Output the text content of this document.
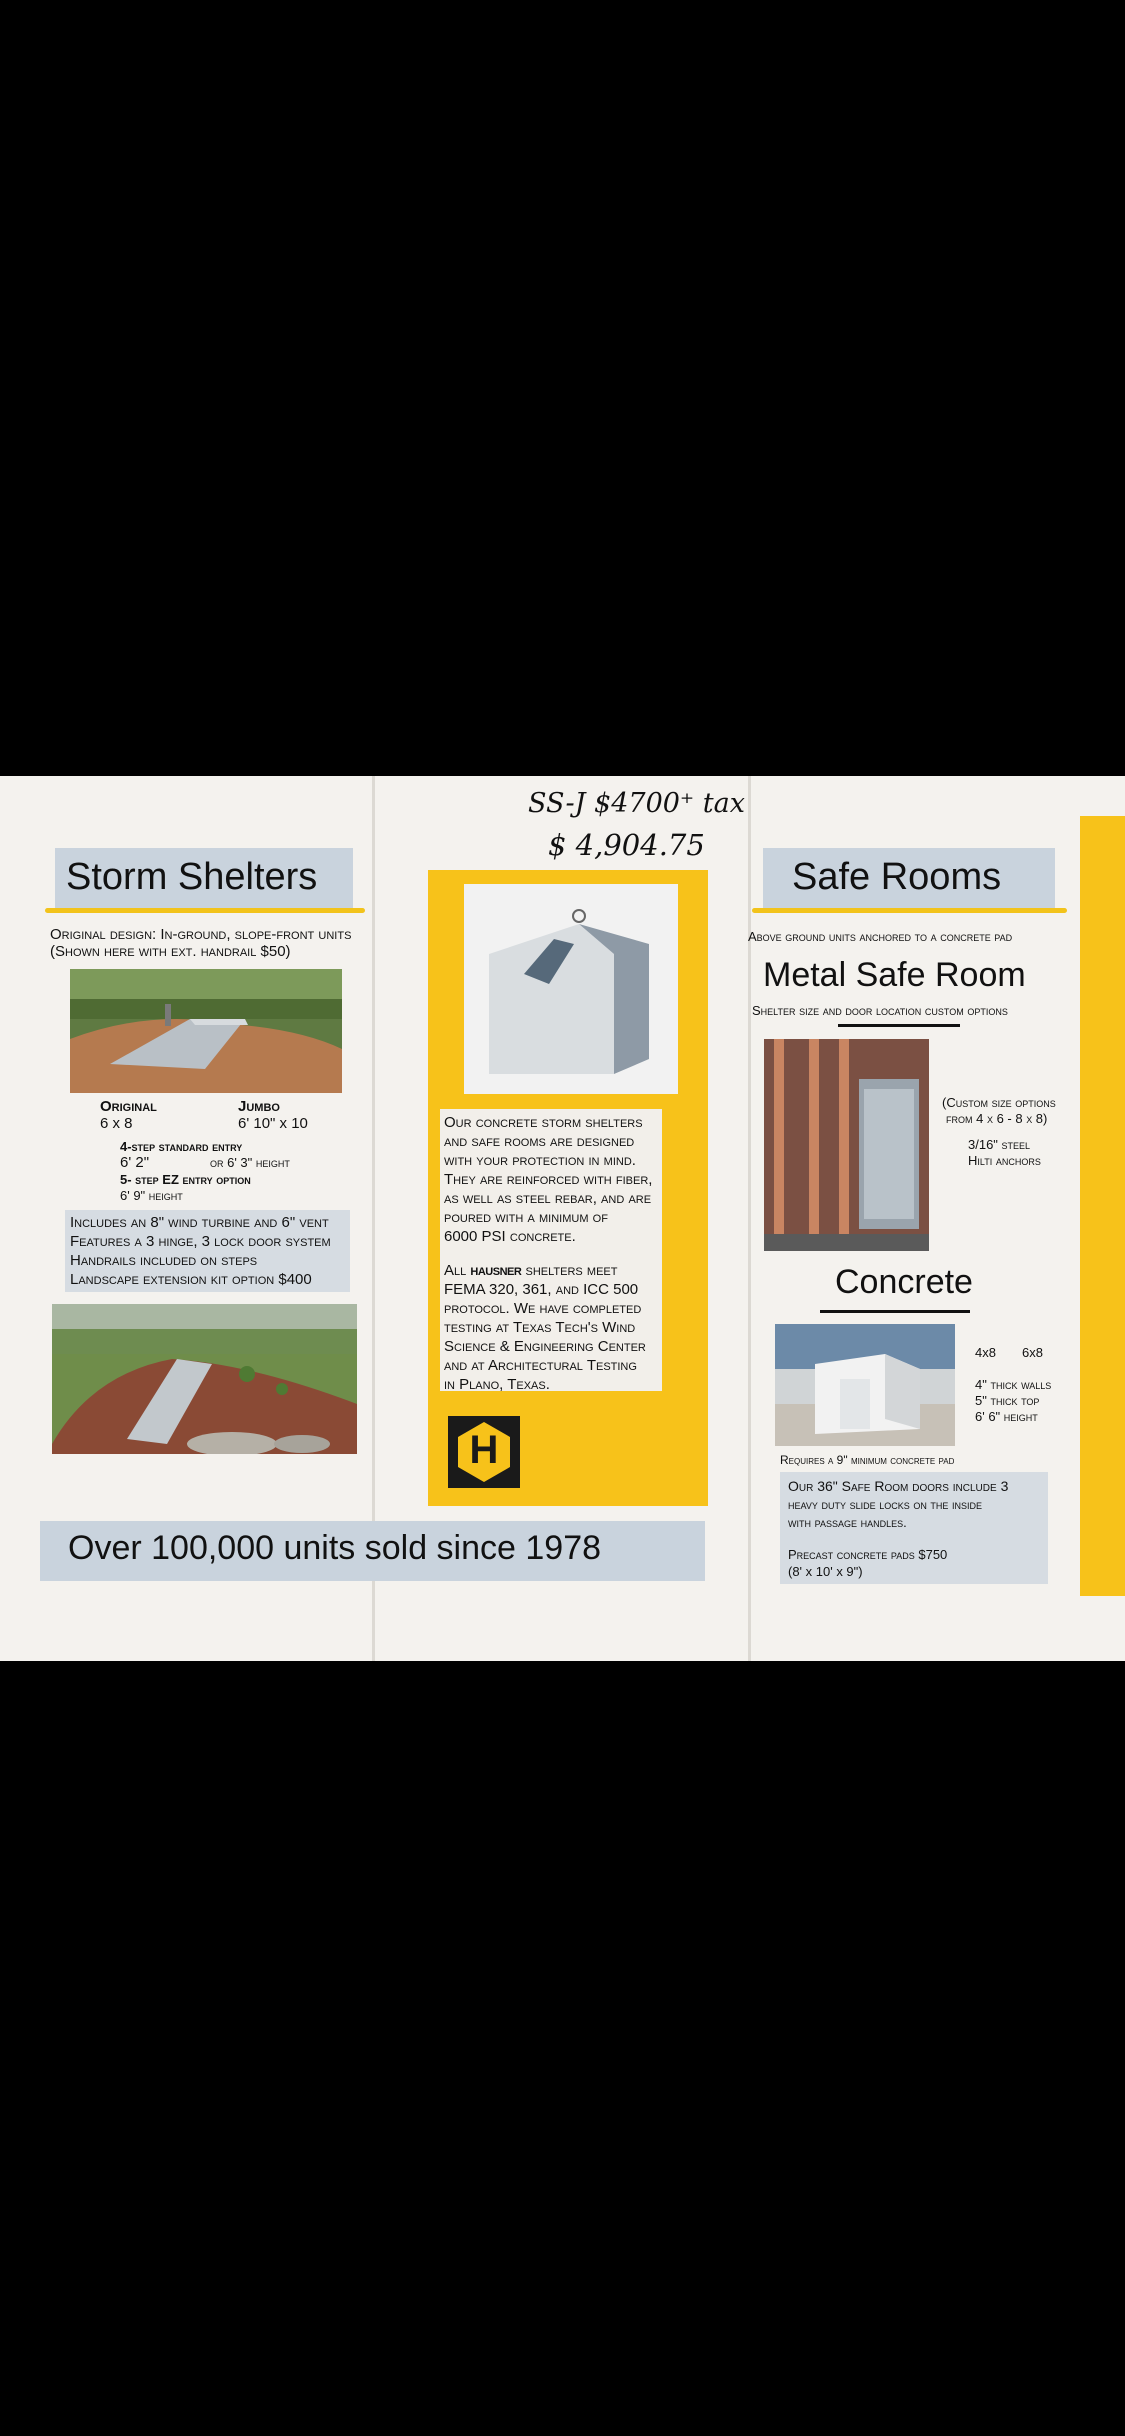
Storm Shelters
Original design: In-ground, slope-front units
(Shown here with ext. handrail $50)
Original
6 x 8
Jumbo
6' 10" x 10
4-step standard entry
6' 2"	or 6' 3" height
5- step EZ entry option
6' 9" height
Includes an 8" wind turbine and 6" vent
Features a 3 hinge, 3 lock door system
Handrails included on steps
Landscape extension kit option $400
SS-J $4700⁺ tax
$ 4,904.75
Our concrete storm shelters
and safe rooms are designed
with your protection in mind.
They are reinforced with fiber,
as well as steel rebar, and are
poured with a minimum of
6000 PSI concrete.
All HAUSNER shelters meet
FEMA 320, 361, and ICC 500
protocol. We have completed
testing at Texas Tech's Wind
Science & Engineering Center
and at Architectural Testing
in Plano, Texas.
H
Over 100,000 units sold since 1978
Safe Rooms
Above ground units anchored to a concrete pad
Metal Safe Room
Shelter size and door location custom options
(Custom size options
from 4 x 6 - 8 x 8)
3/16" steel
Hilti anchors
Concrete
4x8 6x8
4" thick walls
5" thick top
6' 6" height
Requires a 9" minimum concrete pad
Our 36" Safe Room doors include 3
heavy duty slide locks on the inside
with passage handles.
Precast concrete pads $750
(8' x 10' x 9")
